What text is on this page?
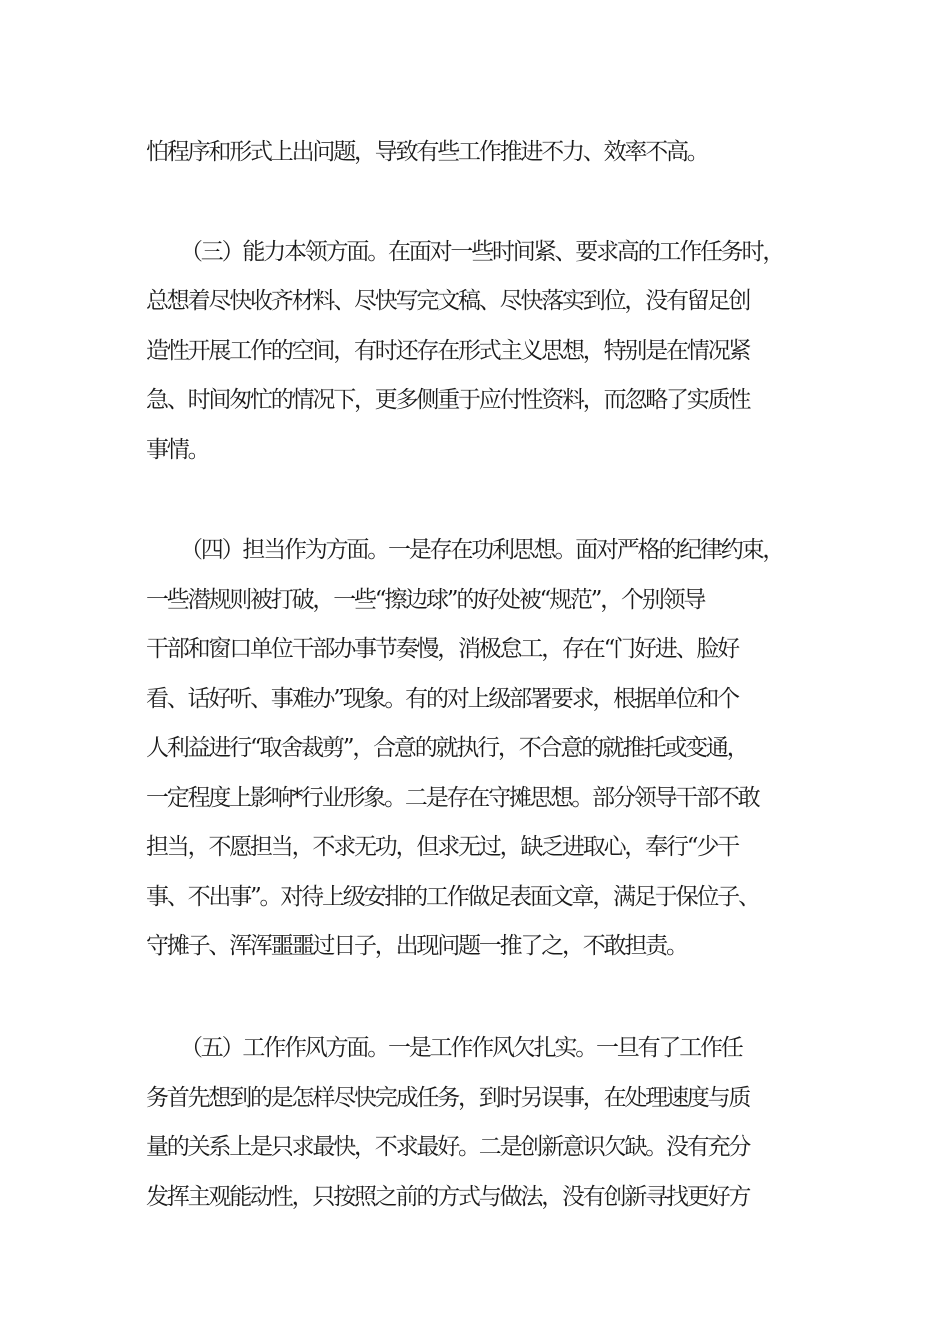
怕程序和形式上出问题，导致有些工作推进不力、效率不高。
（三）能力本领方面。在面对一些时间紧、要求高的工作任务时，
总想着尽快收齐材料、尽快写完文稿、尽快落实到位，没有留足创
造性开展工作的空间，有时还存在形式主义思想，特别是在情况紧
急、时间匆忙的情况下，更多侧重于应付性资料，而忽略了实质性
事情。
（四）担当作为方面。一是存在功利思想。面对严格的纪律约束，
一些潜规则被打破，一些“擦边球”的好处被“规范”，个别领导
干部和窗口单位干部办事节奏慢，消极怠工，存在“门好进、脸好
看、话好听、事难办”现象。有的对上级部署要求，根据单位和个
人利益进行“取舍裁剪”，合意的就执行，不合意的就推托或变通，
一定程度上影响*行业形象。二是存在守摊思想。部分领导干部不敢
担当，不愿担当，不求无功，但求无过，缺乏进取心，奉行“少干
事、不出事”。对待上级安排的工作做足表面文章，满足于保位子、
守摊子、浑浑噩噩过日子，出现问题一推了之，不敢担责。
（五）工作作风方面。一是工作作风欠扎实。一旦有了工作任
务首先想到的是怎样尽快完成任务，到时另误事，在处理速度与质
量的关系上是只求最快，不求最好。二是创新意识欠缺。没有充分
发挥主观能动性，只按照之前的方式与做法，没有创新寻找更好方
